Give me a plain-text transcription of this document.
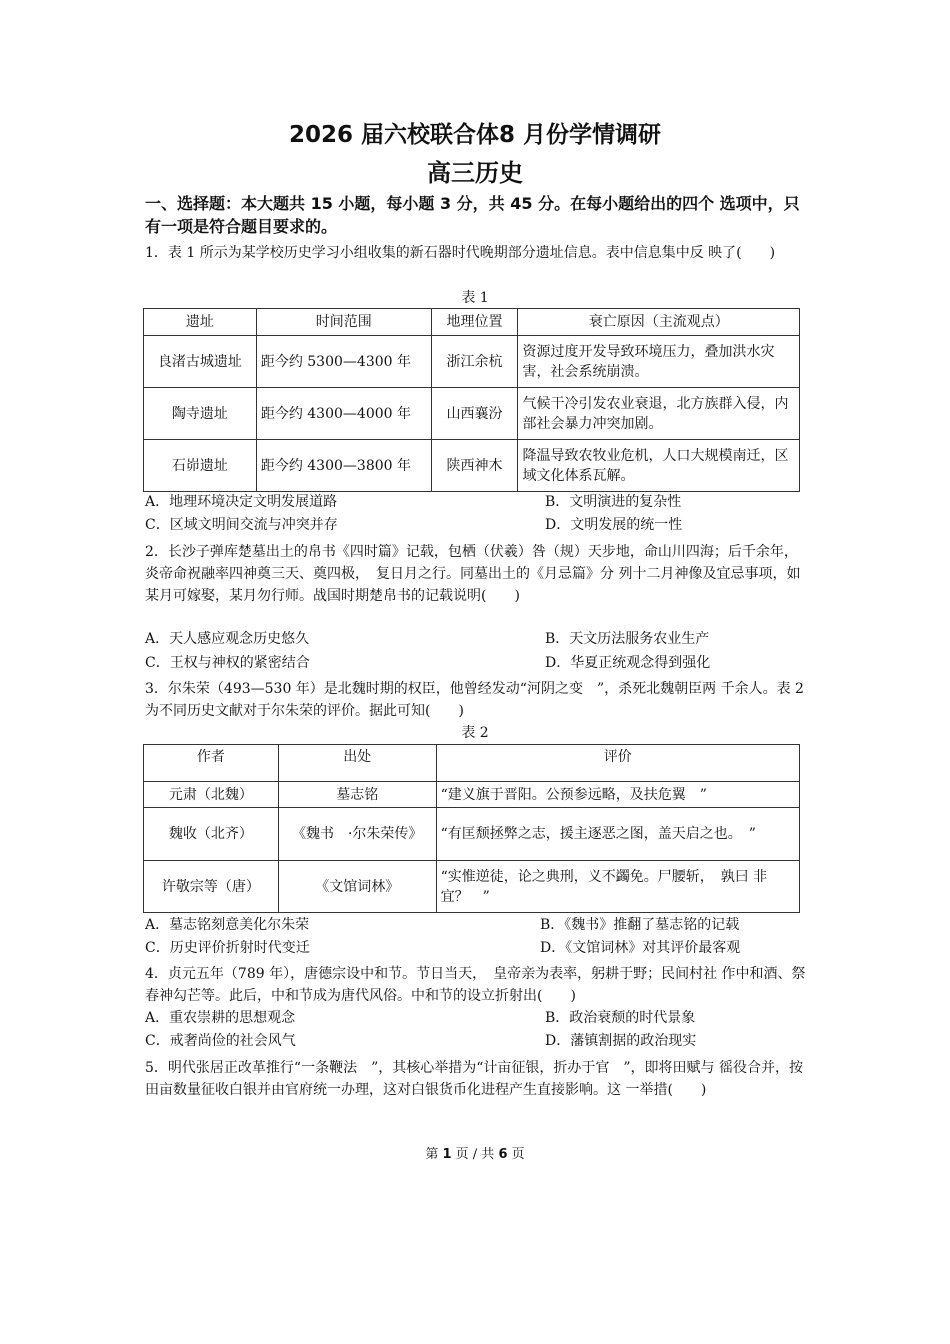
2026 届六校联合体8 月份学情调研
高三历史
一、选择题：本大题共 15 小题，每小题 3 分，共 45 分。在每小题给出的四个 选项中，只有一项是符合题目要求的。
1．表 1 所示为某学校历史学习小组收集的新石器时代晚期部分遗址信息。表中信息集中反 映了(　　)
表 1
遗址	时间范围	地理位置	衰亡原因（主流观点）
良渚古城遗址	距今约 5300—4300 年	浙江余杭	资源过度开发导致环境压力，叠加洪水灾害，社会系统崩溃。
陶寺遗址	距今约 4300—4000 年	山西襄汾	气候干冷引发农业衰退，北方族群入侵，内部社会暴力冲突加剧。
石峁遗址	距今约 4300—3800 年	陕西神木	降温导致农牧业危机，人口大规模南迁，区域文化体系瓦解。
A．地理环境决定文明发展道路	B．文明演进的复杂性
C．区域文明间交流与冲突并存	D．文明发展的统一性
2．长沙子弹库楚墓出土的帛书《四时篇》记载，包栖（伏羲）咎（规）天步地，命山川四海；后千余年，炎帝命祝融率四神奠三天、奠四极，　复日月之行。同墓出土的《月忌篇》分 列十二月神像及宜忌事项，如某月可嫁娶，某月勿行师。战国时期楚帛书的记载说明(　　)
A．天人感应观念历史悠久	B．天文历法服务农业生产
C．王权与神权的紧密结合	D．华夏正统观念得到强化
3．尔朱荣（493—530 年）是北魏时期的权臣，他曾经发动“河阴之变　”，杀死北魏朝臣两 千余人。表 2 为不同历史文献对于尔朱荣的评价。据此可知(　　)
表 2
作者	出处	评价
元肃（北魏）	墓志铭	“建义旗于晋阳。公预参远略，及扶危翼　”
魏收（北齐）	《魏书　·尔朱荣传》	“有匡颓拯弊之志，援主逐恶之图，盖天启之也。　”
许敬宗等（唐）	《文馆词林》	“实惟逆徒，论之典刑，义不蠲免。尸腰斩，　孰曰 非宜？　”
A．墓志铭刻意美化尔朱荣	B．《魏书》推翻了墓志铭的记载
C．历史评价折射时代变迁	D．《文馆词林》对其评价最客观
4．贞元五年（789 年），唐德宗设中和节。节日当天，　皇帝亲为表率，躬耕于野；民间村社 作中和酒、祭春神勾芒等。此后，中和节成为唐代风俗。中和节的设立折射出(　　)
A．重农崇耕的思想观念	B．政治衰颓的时代景象
C．戒奢尚俭的社会风气	D．藩镇割据的政治现实
5．明代张居正改革推行“一条鞭法　”，其核心举措为“计亩征银，折办于官　”，即将田赋与 徭役合并，按田亩数量征收白银并由官府统一办理，这对白银货币化进程产生直接影响。这 一举措(　　)
第 1 页 / 共 6 页
